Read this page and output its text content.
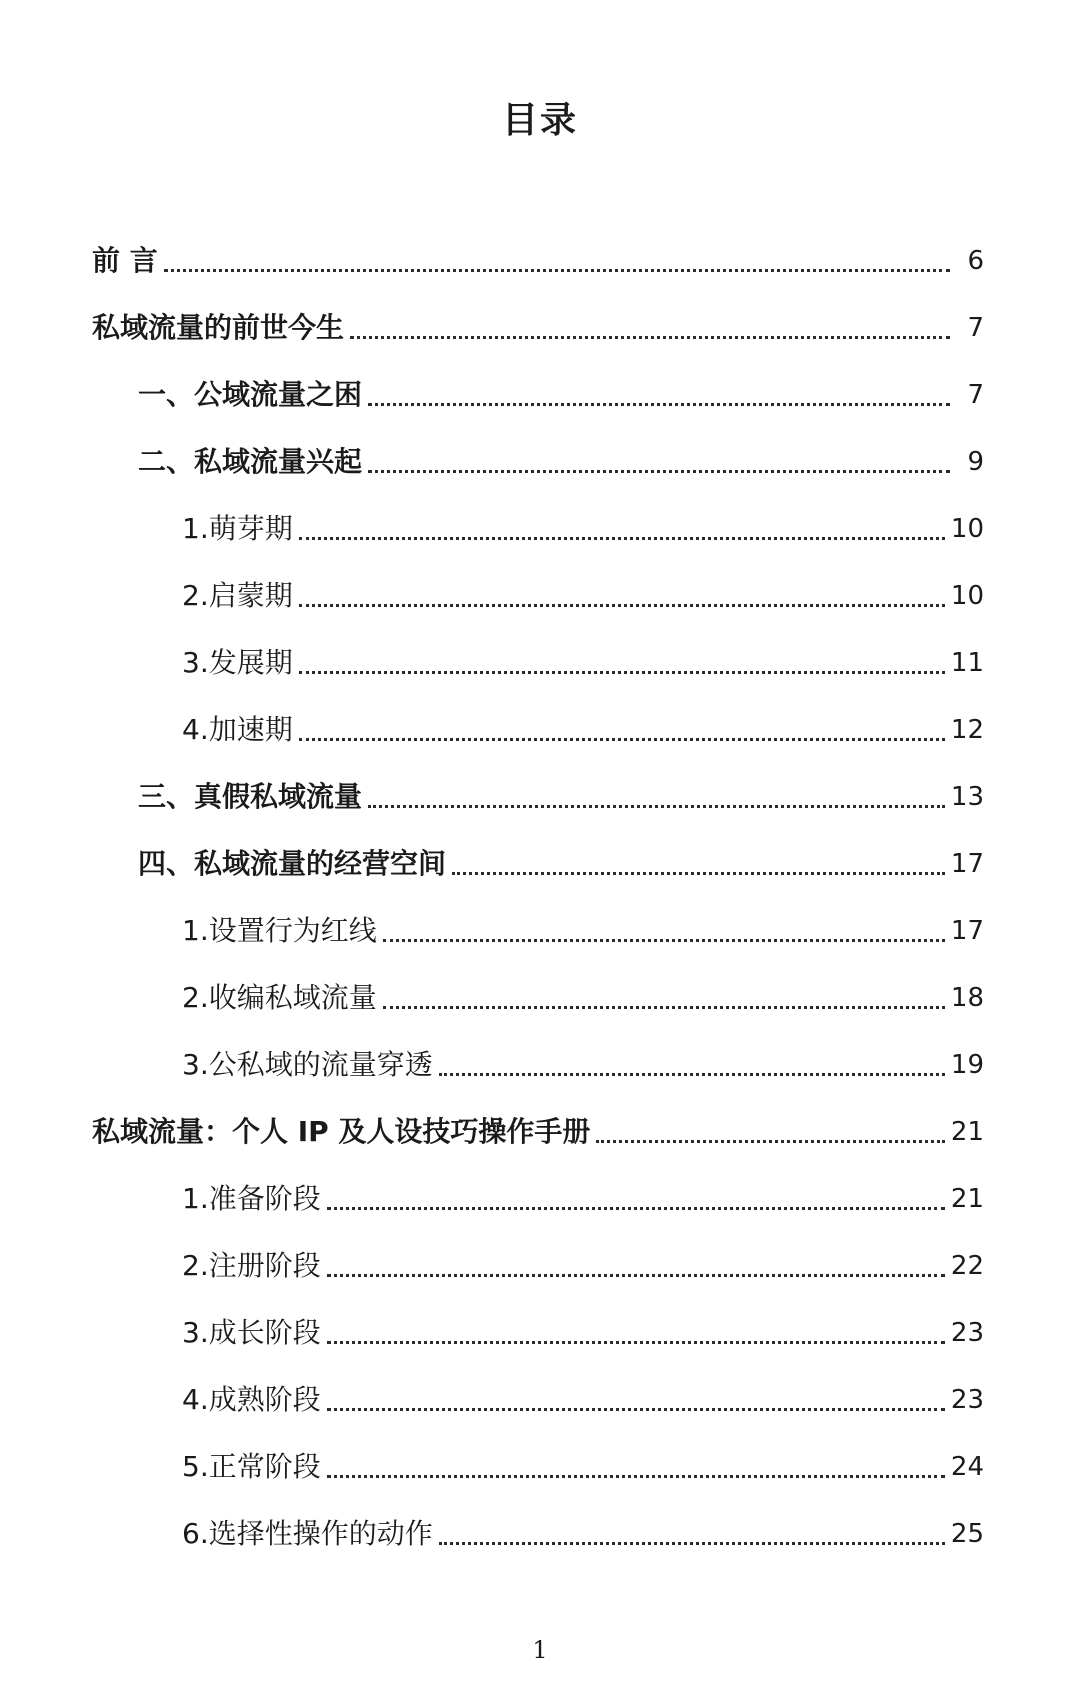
目录
前 言	6
私域流量的前世今生	7
一、公域流量之困	7
二、私域流量兴起	9
1.萌芽期	10
2.启蒙期	10
3.发展期	11
4.加速期	12
三、真假私域流量	13
四、私域流量的经营空间	17
1.设置行为红线	17
2.收编私域流量	18
3.公私域的流量穿透	19
私域流量：个人 IP 及人设技巧操作手册	21
1.准备阶段	21
2.注册阶段	22
3.成长阶段	23
4.成熟阶段	23
5.正常阶段	24
6.选择性操作的动作	25
1
